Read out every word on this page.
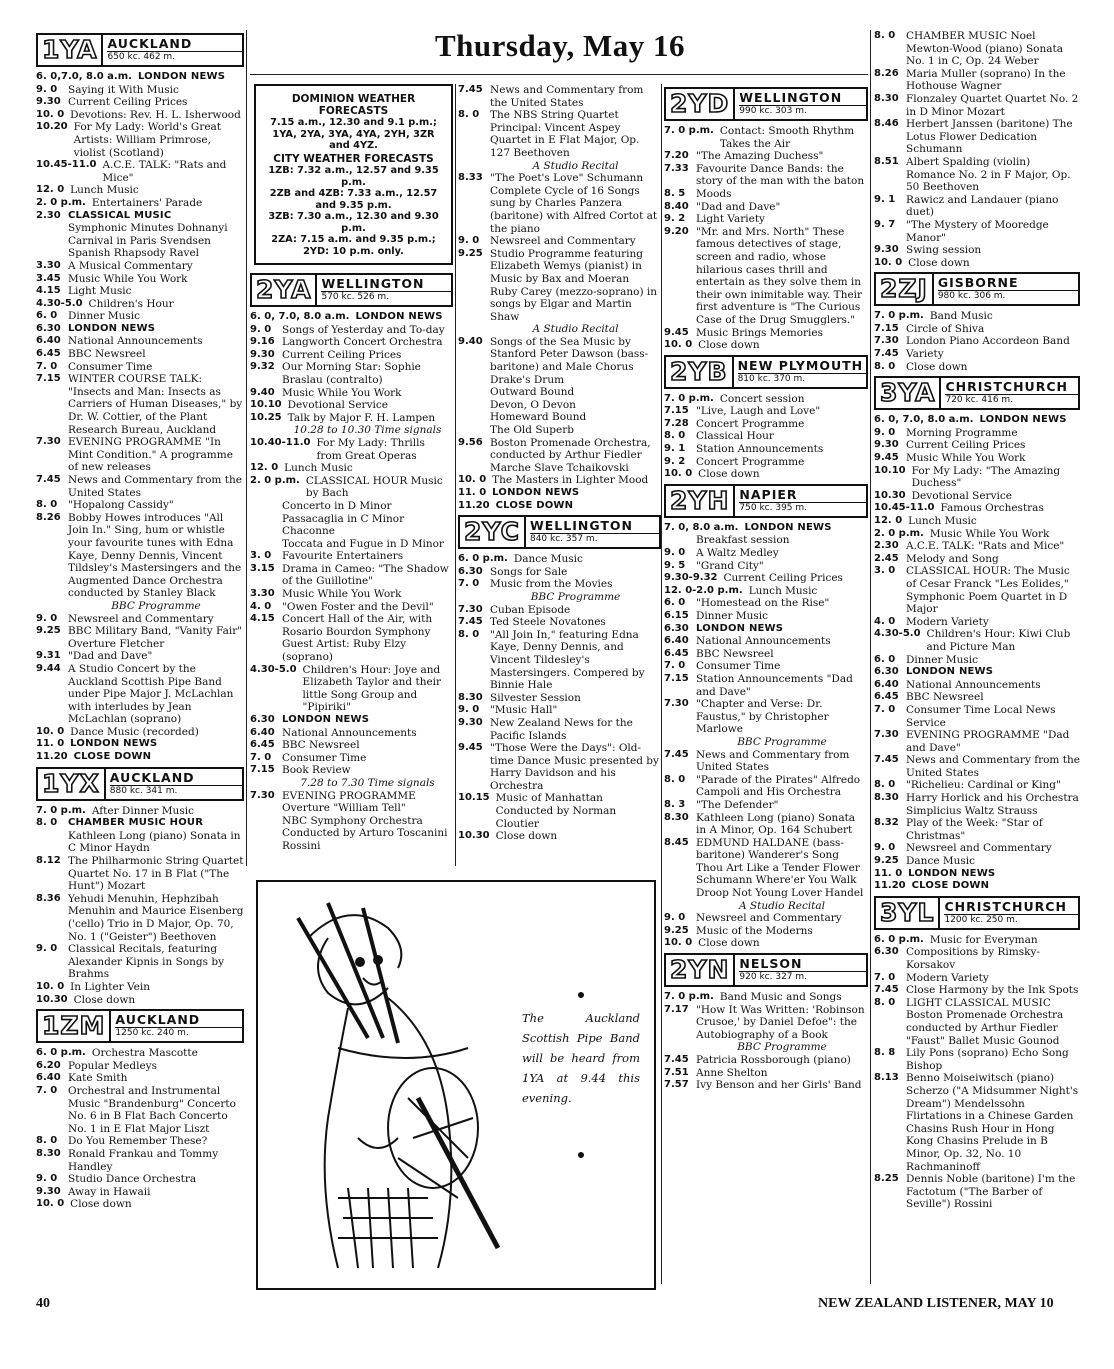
Thursday, May 16
1YA AUCKLAND
650 kc. 462 m.
6. 0,7.0, 8.0 a.m. LONDON NEWS
9. 0	Saying it With Music
9.30 Current Ceiling Prices
10. 0 Devotions: Rev. H. L. Isherwood
10.20 For My Lady: World's Great Artists: William Primrose, violist (Scotland)
10.45-11.0 A.C.E. TALK: "Rats and Mice"
12. 0 Lunch Music
2. 0 p.m. Entertainers' Parade
2.30 CLASSICAL MUSIC
Symphonic Minutes Dohnanyi
Carnival in Paris Svendsen
Spanish Rhapsody Ravel
3.30 A Musical Commentary
3.45 Music While You Work
4.15 Light Music
4.30-5.0 Children's Hour
6. 0	Dinner Music
6.30 LONDON NEWS
6.40 National Announcements
6.45 BBC Newsreel
7. 0	Consumer Time
7.15 WINTER COURSE TALK: "Insects and Man: Insects as Carriers of Human Diseases," by Dr. W. Cottier, of the Plant Research Bureau, Auckland
7.30 EVENING PROGRAMME "In Mint Condition." A programme of new releases
7.45 News and Commentary from the United States
8. 0	"Hopalong Cassidy"
8.26 Bobby Howes introduces "All Join In." Sing, hum or whistle your favourite tunes with Edna Kaye, Denny Dennis, Vincent Tildsley's Mastersingers and the Augmented Dance Orchestra conducted by Stanley Black
BBC Programme
9. 0	Newsreel and Commentary
9.25 BBC Military Band, "Vanity Fair" Overture Fletcher
9.31 "Dad and Dave"
9.44 A Studio Concert by the Auckland Scottish Pipe Band under Pipe Major J. McLachlan with interludes by Jean McLachlan (soprano)
10. 0 Dance Music (recorded)
11. 0 LONDON NEWS
11.20 CLOSE DOWN
1YX AUCKLAND
880 kc. 341 m.
7. 0 p.m. After Dinner Music
8. 0	CHAMBER MUSIC HOUR
Kathleen Long (piano) Sonata in C Minor Haydn
8.12 The Philharmonic String Quartet Quartet No. 17 in B Flat ("The Hunt") Mozart
8.36 Yehudi Menuhin, Hephzibah Menuhin and Maurice Eisenberg ('cello) Trio in D Major, Op. 70, No. 1 ("Geister") Beethoven
9. 0	Classical Recitals, featuring Alexander Kipnis in Songs by Brahms
10. 0 In Lighter Vein
10.30 Close down
1ZM AUCKLAND
1250 kc. 240 m.
6. 0 p.m. Orchestra Mascotte
6.20 Popular Medleys
6.40 Kate Smith
7. 0	Orchestral and Instrumental Music "Brandenburg" Concerto No. 6 in B Flat Bach Concerto No. 1 in E Flat Major Liszt
8. 0	Do You Remember These?
8.30 Ronald Frankau and Tommy Handley
9. 0	Studio Dance Orchestra
9.30 Away in Hawaii
10. 0 Close down
DOMINION WEATHER FORECASTS
7.15 a.m., 12.30 and 9.1 p.m.; 1YA, 2YA, 3YA, 4YA, 2YH, 3ZR and 4YZ.
CITY WEATHER FORECASTS
1ZB: 7.32 a.m., 12.57 and 9.35 p.m.
2ZB and 4ZB: 7.33 a.m., 12.57 and 9.35 p.m.
3ZB: 7.30 a.m., 12.30 and 9.30 p.m.
2ZA: 7.15 a.m. and 9.35 p.m.; 2YD: 10 p.m. only.
2YA WELLINGTON
570 kc. 526 m.
6. 0, 7.0, 8.0 a.m. LONDON NEWS
9. 0	Songs of Yesterday and To-day
9.16 Langworth Concert Orchestra
9.30 Current Ceiling Prices
9.32 Our Morning Star: Sophie Braslau (contralto)
9.40 Music While You Work
10.10 Devotional Service
10.25 Talk by Major F. H. Lampen
10.28 to 10.30 Time signals
10.40-11.0 For My Lady: Thrills from Great Operas
12. 0 Lunch Music
2. 0 p.m. CLASSICAL HOUR Music by Bach
Concerto in D Minor
Passacaglia in C Minor
Chaconne
Toccata and Fugue in D Minor
3. 0	Favourite Entertainers
3.15 Drama in Cameo: "The Shadow of the Guillotine"
3.30 Music While You Work
4. 0	"Owen Foster and the Devil"
4.15 Concert Hall of the Air, with Rosario Bourdon Symphony Guest Artist: Ruby Elzy (soprano)
4.30-5.0 Children's Hour: Joye and Elizabeth Taylor and their little Song Group and "Pipiriki"
6.30 LONDON NEWS
6.40 National Announcements
6.45 BBC Newsreel
7. 0	Consumer Time
7.15 Book Review
7.28 to 7.30 Time signals
7.30 EVENING PROGRAMME Overture "William Tell"
NBC Symphony Orchestra Conducted by Arturo Toscanini Rossini
7.45 News and Commentary from the United States
8. 0	The NBS String Quartet Principal: Vincent Aspey Quartet in E Flat Major, Op. 127 Beethoven
A Studio Recital
8.33 "The Poet's Love" Schumann Complete Cycle of 16 Songs sung by Charles Panzera (baritone) with Alfred Cortot at the piano
9. 0	Newsreel and Commentary
9.25 Studio Programme featuring Elizabeth Wemys (pianist) in Music by Bax and Moeran
Ruby Carey (mezzo-soprano) in songs by Elgar and Martin Shaw
A Studio Recital
9.40 Songs of the Sea Music by Stanford Peter Dawson (bass-baritone) and Male Chorus
Drake's Drum
Outward Bound
Devon, O Devon
Homeward Bound
The Old Superb
9.56 Boston Promenade Orchestra, conducted by Arthur Fiedler Marche Slave Tchaikovski
10. 0 The Masters in Lighter Mood
11. 0 LONDON NEWS
11.20 CLOSE DOWN
2YC WELLINGTON
840 kc. 357 m.
6. 0 p.m. Dance Music
6.30 Songs for Sale
7. 0	Music from the Movies
BBC Programme
7.30 Cuban Episode
7.45 Ted Steele Novatones
8. 0	"All Join In," featuring Edna Kaye, Denny Dennis, and Vincent Tildesley's Mastersingers. Compered by Binnie Hale
8.30 Silvester Session
9. 0	"Music Hall"
9.30 New Zealand News for the Pacific Islands
9.45 "Those Were the Days": Old-time Dance Music presented by Harry Davidson and his Orchestra
10.15 Music of Manhattan Conducted by Norman Cloutier
10.30 Close down
2YD WELLINGTON
990 kc. 303 m.
7. 0 p.m. Contact: Smooth Rhythm Takes the Air
7.20 "The Amazing Duchess"
7.33 Favourite Dance Bands: the story of the man with the baton
8. 5	Moods
8.40 "Dad and Dave"
9. 2	Light Variety
9.20 "Mr. and Mrs. North" These famous detectives of stage, screen and radio, whose hilarious cases thrill and entertain as they solve them in their own inimitable way. Their first adventure is "The Curious Case of the Drug Smugglers."
9.45 Music Brings Memories
10. 0 Close down
2YB NEW PLYMOUTH
810 kc. 370 m.
7. 0 p.m. Concert session
7.15 "Live, Laugh and Love"
7.28 Concert Programme
8. 0	Classical Hour
9. 1	Station Announcements
9. 2	Concert Programme
10. 0 Close down
2YH NAPIER
750 kc. 395 m.
7. 0, 8.0 a.m. LONDON NEWS
Breakfast session
9. 0	A Waltz Medley
9. 5	"Grand City"
9.30-9.32 Current Ceiling Prices
12. 0-2.0 p.m. Lunch Music
6. 0	"Homestead on the Rise"
6.15 Dinner Music
6.30 LONDON NEWS
6.40 National Announcements
6.45 BBC Newsreel
7. 0	Consumer Time
7.15 Station Announcements "Dad and Dave"
7.30 "Chapter and Verse: Dr. Faustus," by Christopher Marlowe
BBC Programme
7.45 News and Commentary from United States
8. 0	"Parade of the Pirates" Alfredo Campoli and His Orchestra
8. 3	"The Defender"
8.30 Kathleen Long (piano) Sonata in A Minor, Op. 164 Schubert
8.45 EDMUND HALDANE (bass-baritone) Wanderer's Song Thou Art Like a Tender Flower Schumann Where'er You Walk Droop Not Young Lover Handel
A Studio Recital
9. 0	Newsreel and Commentary
9.25 Music of the Moderns
10. 0 Close down
2YN NELSON
920 kc. 327 m.
7. 0 p.m. Band Music and Songs
7.17 "How It Was Written: 'Robinson Crusoe,' by Daniel Defoe": the Autobiography of a Book
BBC Programme
7.45 Patricia Rossborough (piano)
7.51 Anne Shelton
7.57 Ivy Benson and her Girls' Band
8. 0	CHAMBER MUSIC Noel Mewton-Wood (piano) Sonata No. 1 in C, Op. 24 Weber
8.26 Maria Muller (soprano) In the Hothouse Wagner
8.30 Flonzaley Quartet Quartet No. 2 in D Minor Mozart
8.46 Herbert Janssen (baritone) The Lotus Flower Dedication Schumann
8.51 Albert Spalding (violin) Romance No. 2 in F Major, Op. 50 Beethoven
9. 1	Rawicz and Landauer (piano duet)
9. 7	"The Mystery of Mooredge Manor"
9.30 Swing session
10. 0 Close down
2ZJ GISBORNE
980 kc. 306 m.
7. 0 p.m. Band Music
7.15 Circle of Shiva
7.30 London Piano Accordeon Band
7.45 Variety
8. 0	Close down
3YA CHRISTCHURCH
720 kc. 416 m.
6. 0, 7.0, 8.0 a.m. LONDON NEWS
9. 0	Morning Programme
9.30 Current Ceiling Prices
9.45 Music While You Work
10.10 For My Lady: "The Amazing Duchess"
10.30 Devotional Service
10.45-11.0 Famous Orchestras
12. 0 Lunch Music
2. 0 p.m. Music While You Work
2.30 A.C.E. TALK: "Rats and Mice"
2.45 Melody and Song
3. 0	CLASSICAL HOUR: The Music of Cesar Franck "Les Eolides," Symphonic Poem Quartet in D Major
4. 0	Modern Variety
4.30-5.0 Children's Hour: Kiwi Club and Picture Man
6. 0	Dinner Music
6.30 LONDON NEWS
6.40 National Announcements
6.45 BBC Newsreel
7. 0	Consumer Time Local News Service
7.30 EVENING PROGRAMME "Dad and Dave"
7.45 News and Commentary from the United States
8. 0	"Richelieu: Cardinal or King"
8.30 Harry Horlick and his Orchestra Simplicius Waltz Strauss
8.32 Play of the Week: "Star of Christmas"
9. 0	Newsreel and Commentary
9.25 Dance Music
11. 0 LONDON NEWS
11.20 CLOSE DOWN
3YL CHRISTCHURCH
1200 kc. 250 m.
6. 0 p.m. Music for Everyman
6.30 Compositions by Rimsky-Korsakov
7. 0	Modern Variety
7.45 Close Harmony by the Ink Spots
8. 0	LIGHT CLASSICAL MUSIC Boston Promenade Orchestra conducted by Arthur Fiedler "Faust" Ballet Music Gounod
8. 8	Lily Pons (soprano) Echo Song Bishop
8.13 Benno Moiseiwitsch (piano) Scherzo ("A Midsummer Night's Dream") Mendelssohn Flirtations in a Chinese Garden Chasins Rush Hour in Hong Kong Chasins Prelude in B Minor, Op. 32, No. 10 Rachmaninoff
8.25 Dennis Noble (baritone) I'm the Factotum ("The Barber of Seville") Rossini
The Auckland Scottish Pipe Band will be heard from 1YA at 9.44 this evening.
40	NEW ZEALAND LISTENER, MAY 10
